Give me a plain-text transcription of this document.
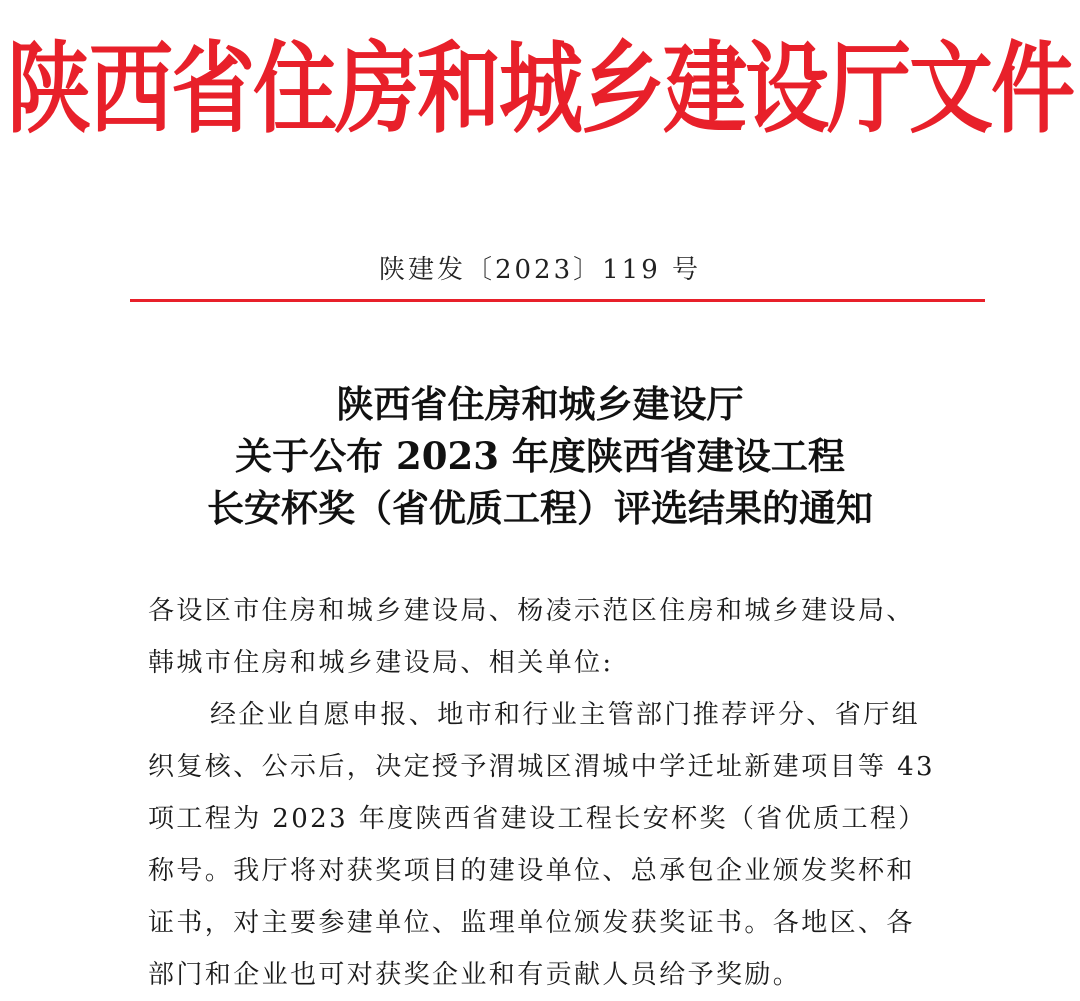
陕西省住房和城乡建设厅文件
陕建发〔2023〕119 号
陕西省住房和城乡建设厅
关于公布 2023 年度陕西省建设工程
长安杯奖（省优质工程）评选结果的通知
各设区市住房和城乡建设局、杨凌示范区住房和城乡建设局、
韩城市住房和城乡建设局、相关单位:
经企业自愿申报、地市和行业主管部门推荐评分、省厅组
织复核、公示后，决定授予渭城区渭城中学迁址新建项目等 43
项工程为 2023 年度陕西省建设工程长安杯奖（省优质工程）
称号。我厅将对获奖项目的建设单位、总承包企业颁发奖杯和
证书，对主要参建单位、监理单位颁发获奖证书。各地区、各
部门和企业也可对获奖企业和有贡献人员给予奖励。
